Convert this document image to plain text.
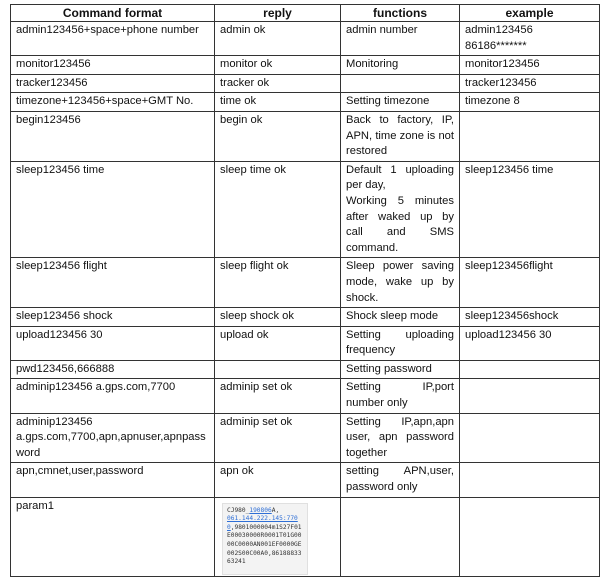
Command format	reply	functions	example

admin123456+space+phone number	admin ok	admin number	admin123456
86186*******

monitor123456	monitor ok	Monitoring	monitor123456

tracker123456	tracker ok		tracker123456

timezone+123456+space+GMT No.	time ok	Setting timezone	timezone 8

begin123456	begin ok	Back to factory, IP, APN, time zone is not restored	

sleep123456 time	sleep time ok	Default 1 uploading per day,
Working 5 minutes after waked up by call and SMS command.	sleep123456 time

sleep123456 flight	sleep flight ok	Sleep power saving mode, wake up by shock.	sleep123456flight

sleep123456 shock	sleep shock ok	Shock sleep mode	sleep123456shock

upload123456 30	upload ok	Setting uploading frequency	upload123456 30

pwd123456,666888		Setting password	

adminip123456 a.gps.com,7700	adminip set ok	Setting IP,port number only	

adminip123456
a.gps.com,7700,apn,apnuser,apnpassword	adminip set ok	Setting IP,apn,apn user, apn password together	

apn,cmnet,user,password	apn ok	setting APN,user, password only	

param1	CJ980_190806A,
061.144.222.145:7700,9801000004m1S27F01E00030000R0001T01G0000C0000AN001EF0000GE002S00C00A0,8618883363241		
